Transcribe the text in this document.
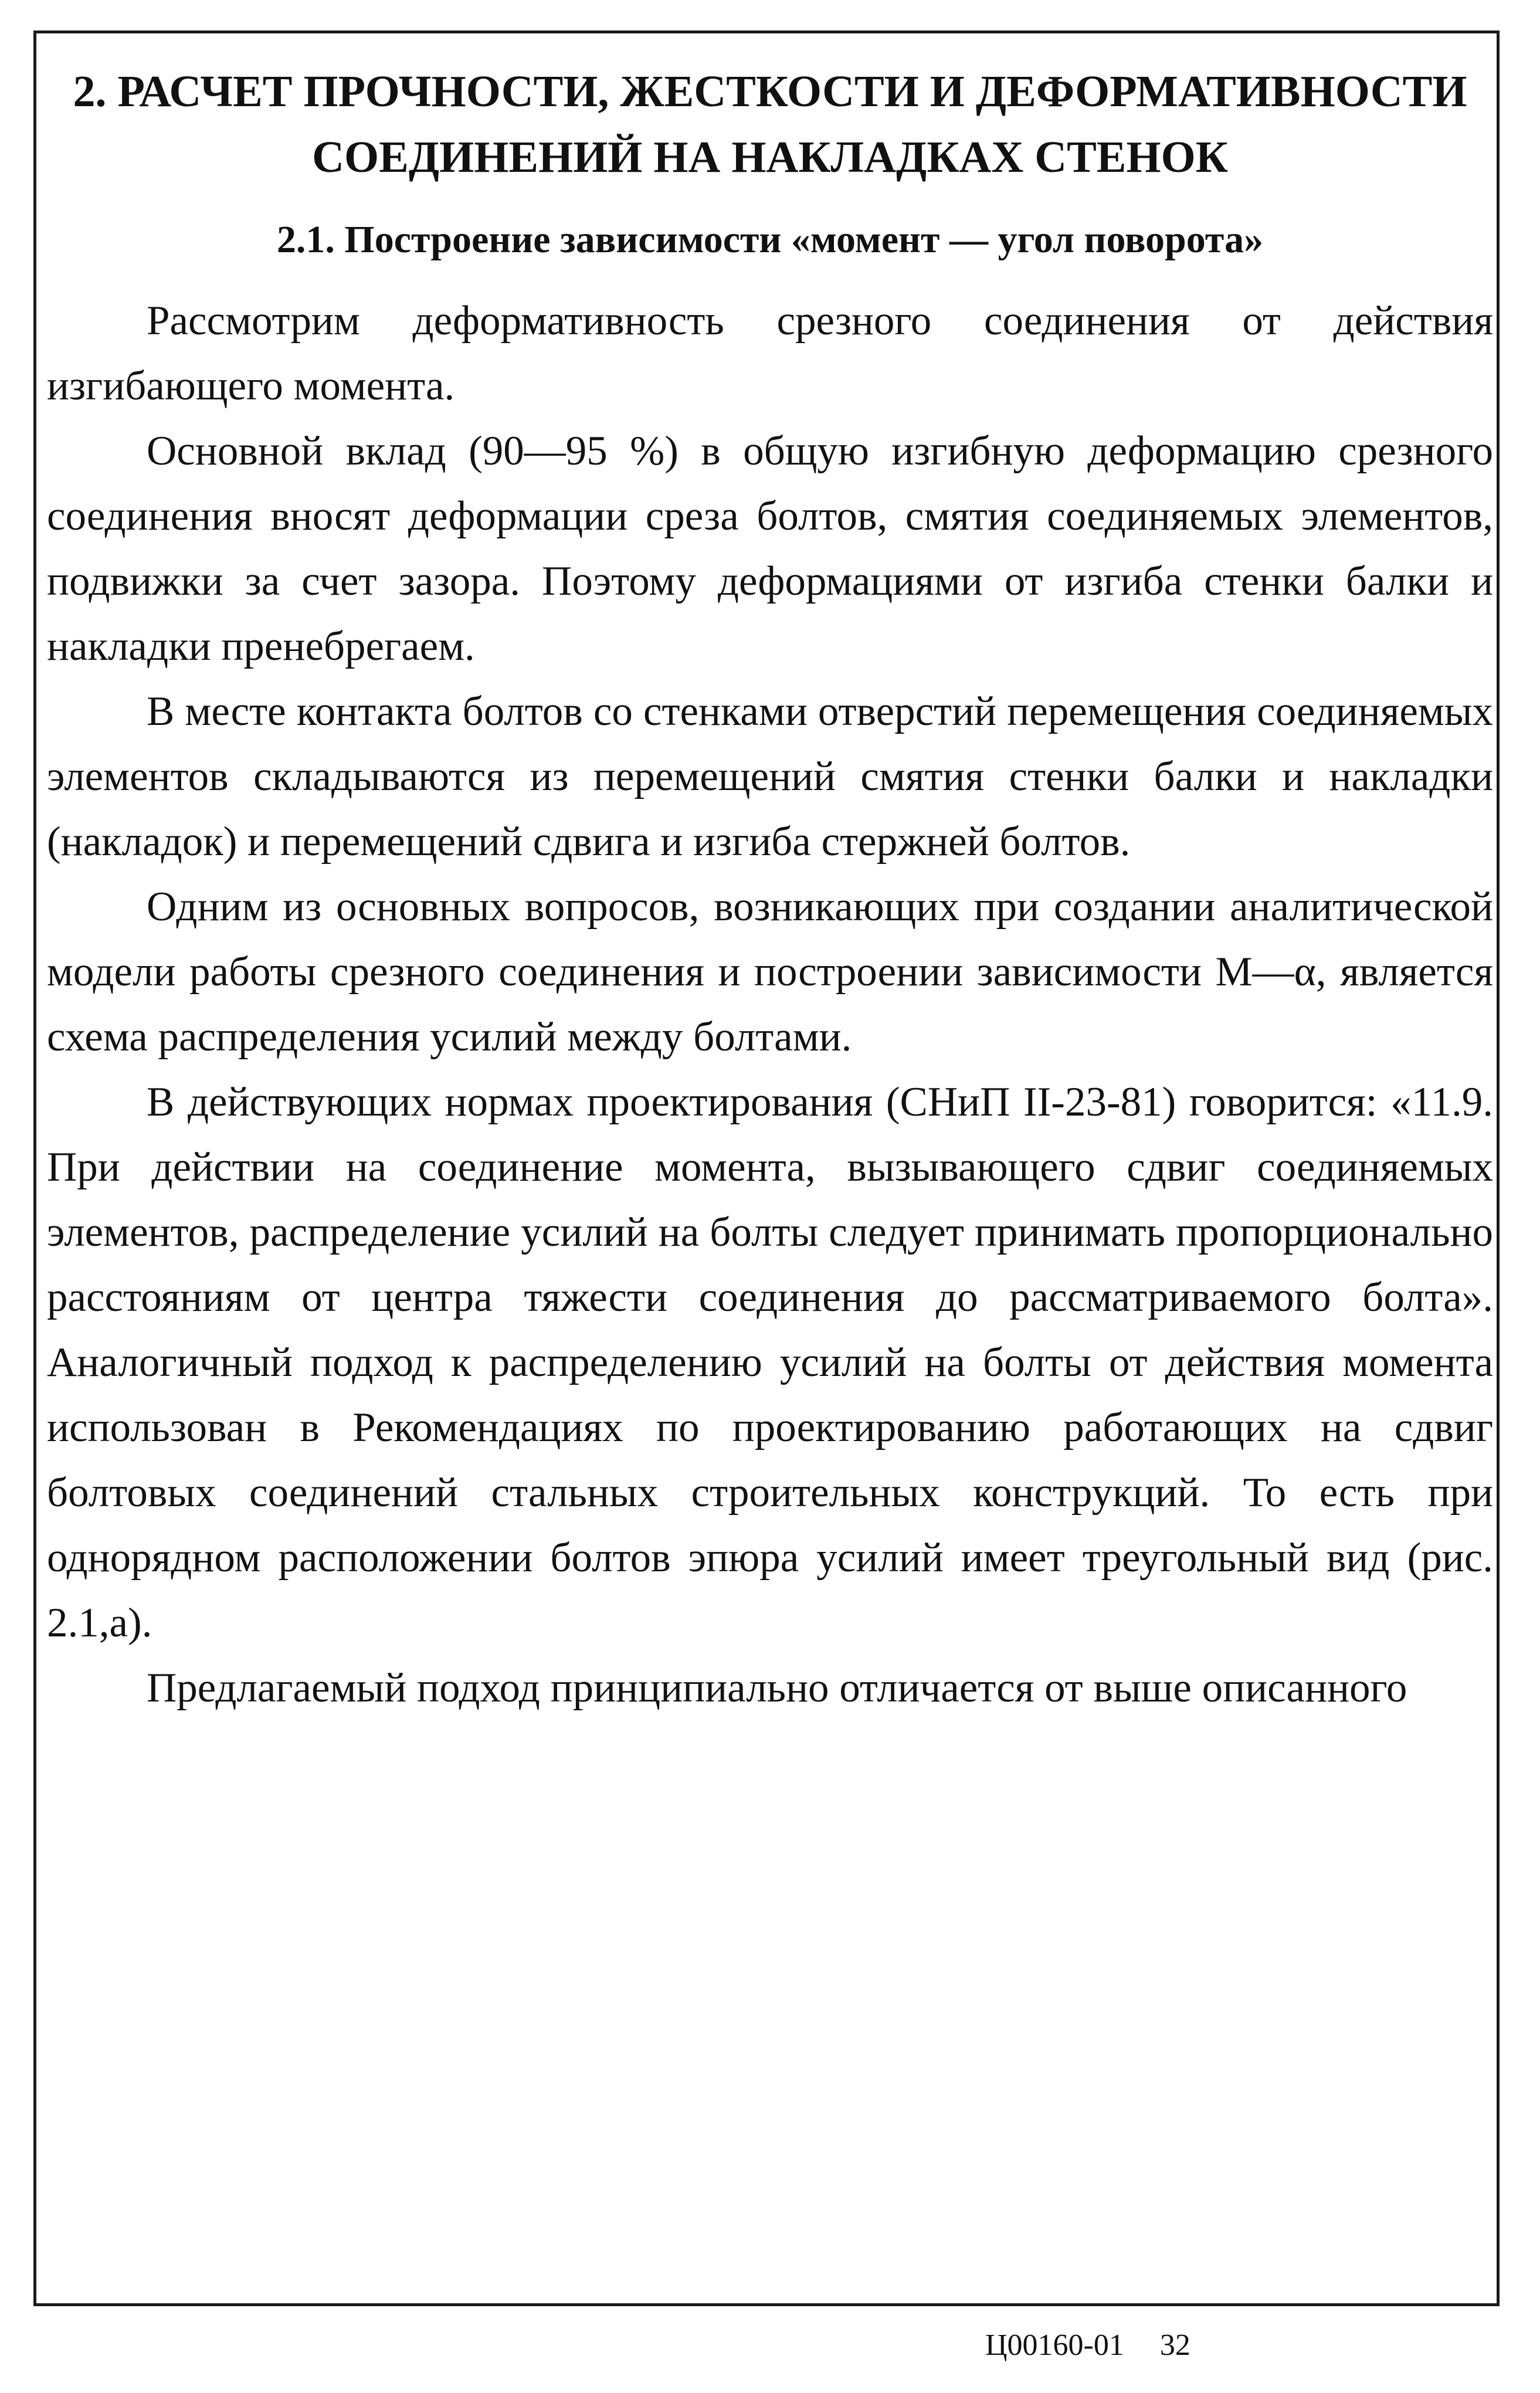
2. РАСЧЕТ ПРОЧНОСТИ, ЖЕСТКОСТИ И ДЕФОРМАТИВНОСТИ
СОЕДИНЕНИЙ НА НАКЛАДКАХ СТЕНОК
2.1. Построение зависимости «момент — угол поворота»

Рассмотрим деформативность срезного соединения от действия изгибающего момента.

Основной вклад (90—95 %) в общую изгибную деформацию срезного соединения вносят деформации среза болтов, смятия соединяемых элементов, подвижки за счет зазора. Поэтому деформациями от изгиба стенки балки и накладки пренебрегаем.

В месте контакта болтов со стенками отверстий перемещения соединяемых элементов складываются из перемещений смятия стенки балки и накладки (накладок) и перемещений сдвига и изгиба стержней болтов.

Одним из основных вопросов, возникающих при создании аналитической модели работы срезного соединения и построении зависимости М—α, является схема распределения усилий между болтами.

В действующих нормах проектирования (СНиП II-23-81) говорится: «11.9. При действии на соединение момента, вызывающего сдвиг соединяемых элементов, распределение усилий на болты следует принимать пропорционально расстояниям от центра тяжести соединения до рассматриваемого болта». Аналогичный подход к распределению усилий на болты от действия момента использован в Рекомендациях по проектированию работающих на сдвиг болтовых соединений стальных строительных конструкций. То есть при однорядном расположении болтов эпюра усилий имеет треугольный вид (рис. 2.1,а).

Предлагаемый подход принципиально отличается от выше описанного

Ц00160-01 32
